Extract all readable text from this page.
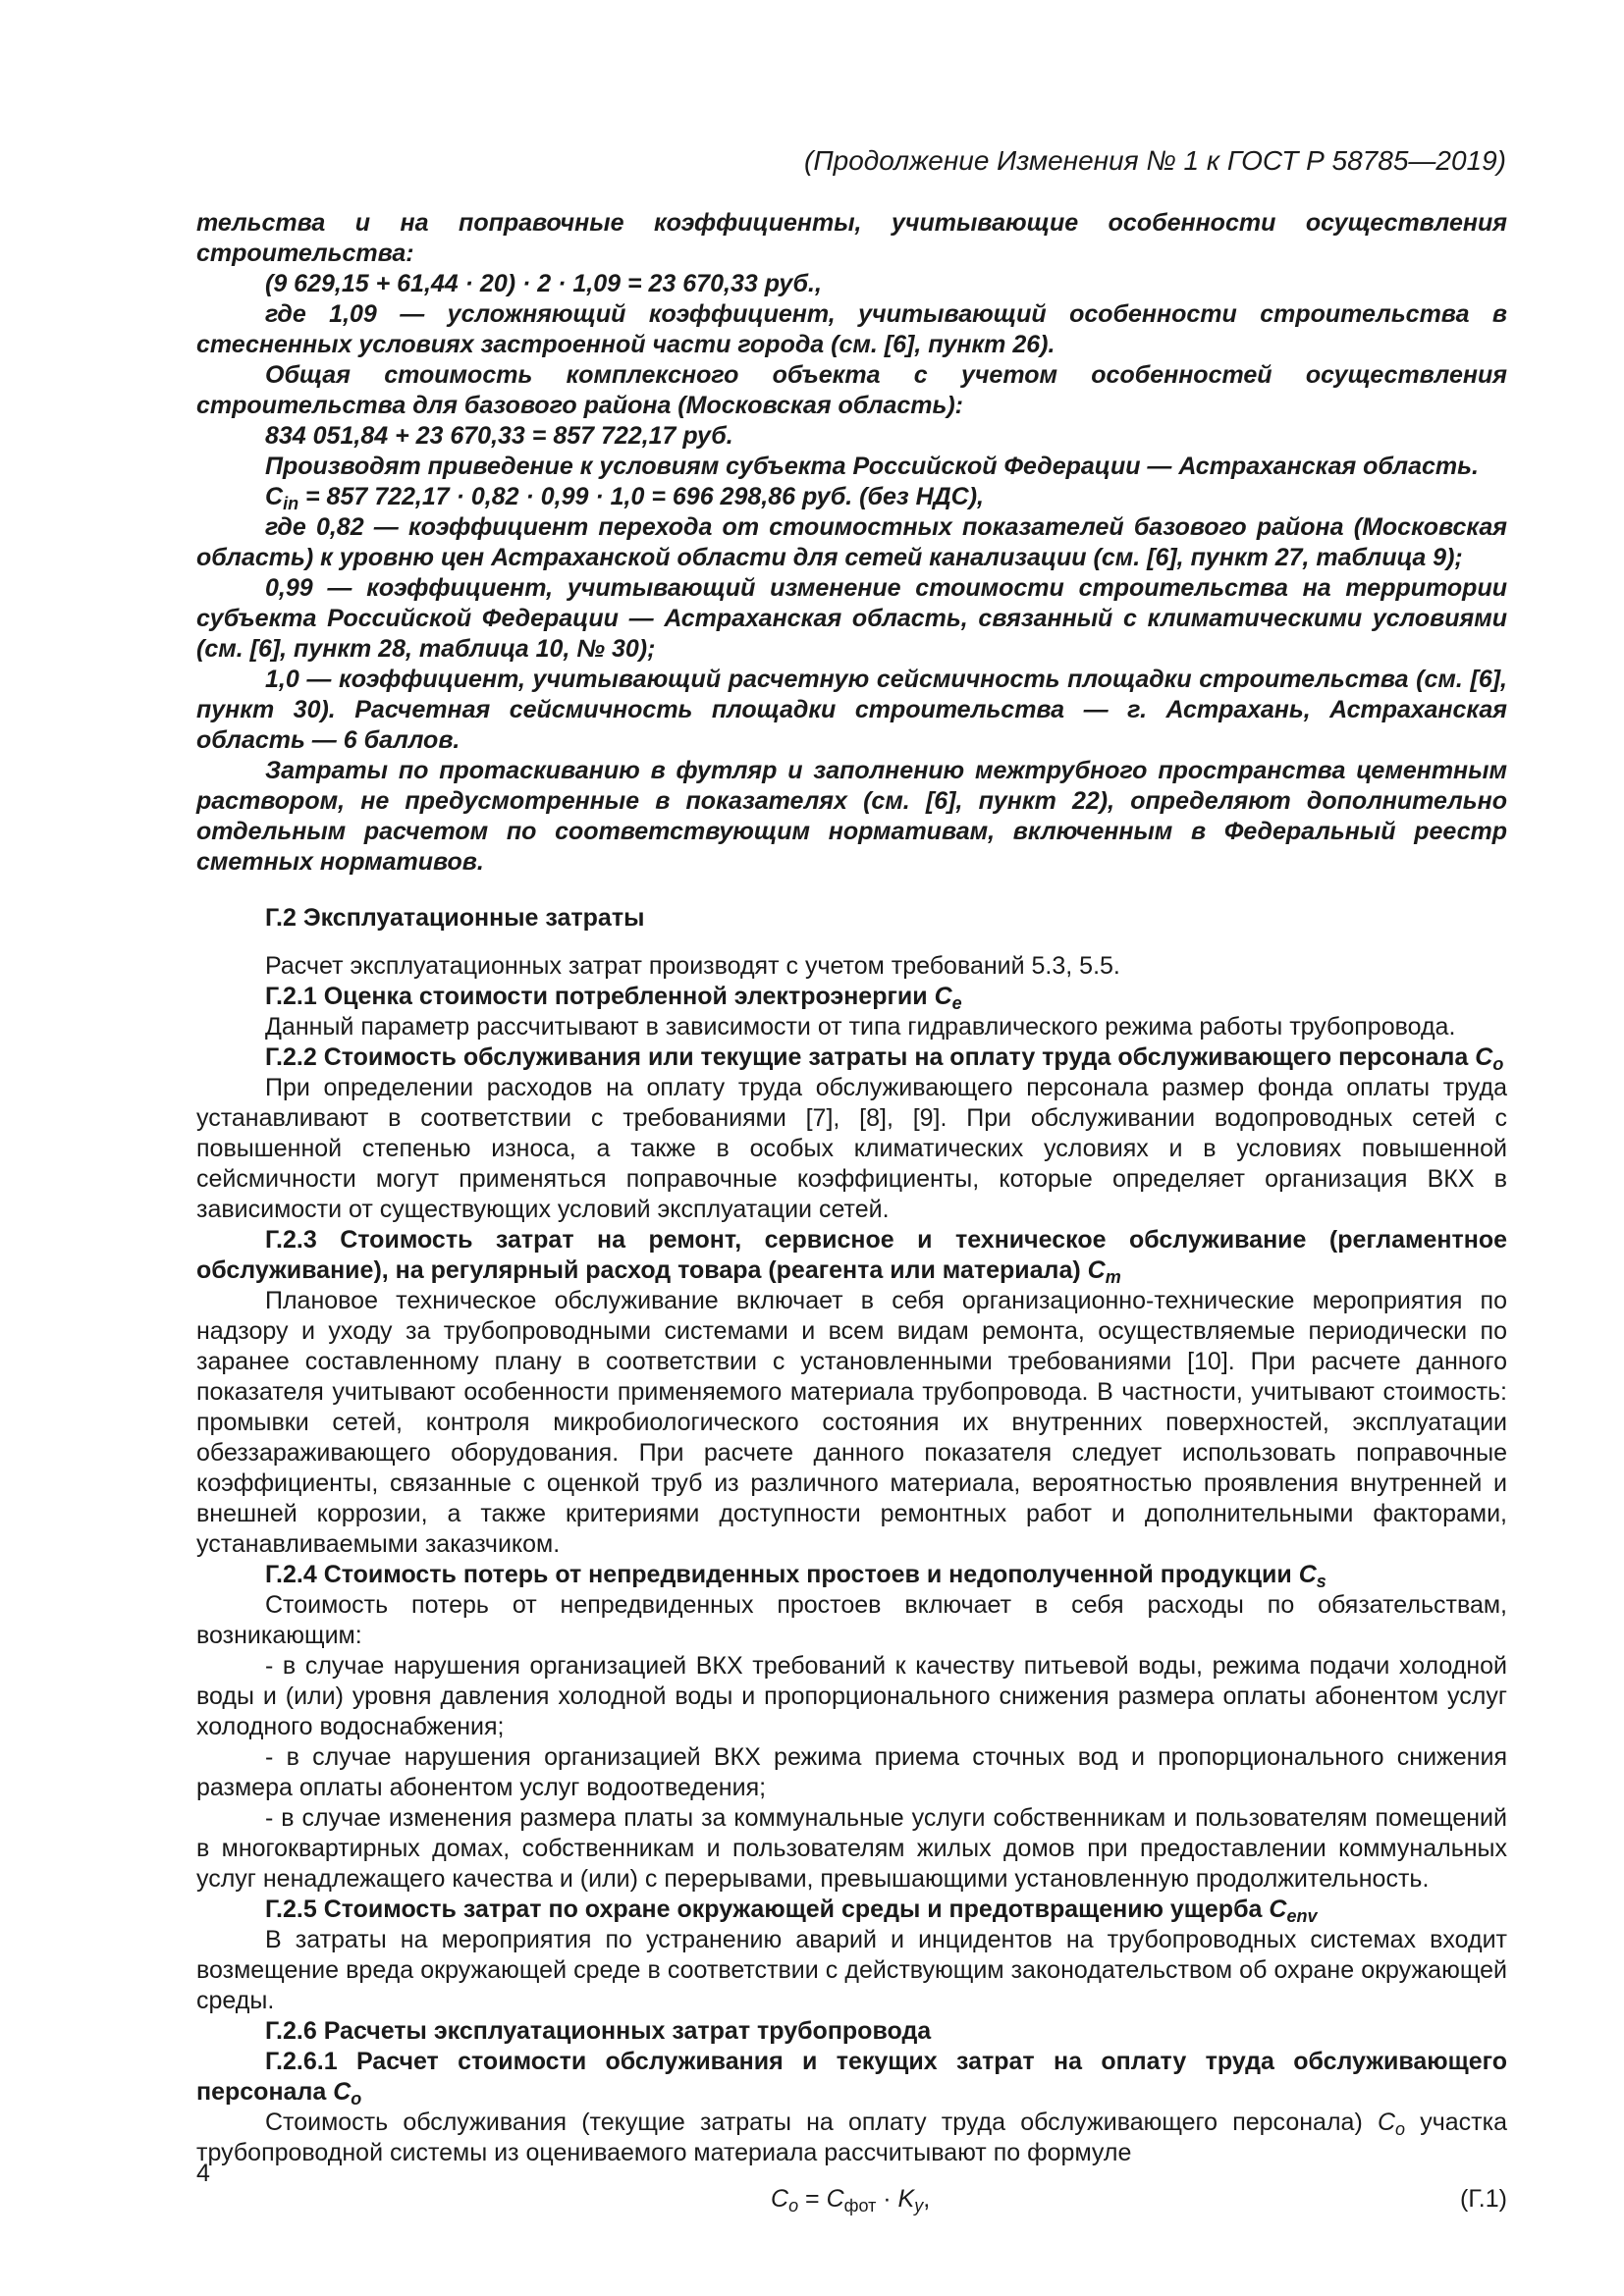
(Продолжение Изменения № 1 к ГОСТ Р 58785—2019)

тельства и на поправочные коэффициенты, учитывающие особенности осуществления строительства:

(9 629,15 + 61,44 · 20) · 2 · 1,09 = 23 670,33 руб.,

где 1,09 — усложняющий коэффициент, учитывающий особенности строительства в стесненных условиях застроенной части города (см. [6], пункт 26).

Общая стоимость комплексного объекта с учетом особенностей осуществления строительства для базового района (Московская область):

834 051,84 + 23 670,33 = 857 722,17 руб.

Производят приведение к условиям субъекта Российской Федерации — Астраханская область.

$C_{in} = 857$ 722,17 · 0,82 · 0,99 · 1,0 = 696 298,86 руб. (без НДС),

где 0,82 — коэффициент перехода от стоимостных показателей базового района (Московская область) к уровню цен Астраханской области для сетей канализации (см. [6], пункт 27, таблица 9);

0,99 — коэффициент, учитывающий изменение стоимости строительства на территории субъекта Российской Федерации — Астраханская область, связанный с климатическими условиями (см. [6], пункт 28, таблица 10, № 30);

1,0 — коэффициент, учитывающий расчетную сейсмичность площадки строительства (см. [6], пункт 30). Расчетная сейсмичность площадки строительства — г. Астрахань, Астраханская область — 6 баллов.

Затраты по протаскиванию в футляр и заполнению межтрубного пространства цементным раствором, не предусмотренные в показателях (см. [6], пункт 22), определяют дополнительно отдельным расчетом по соответствующим нормативам, включенным в Федеральный реестр сметных нормативов.

Г.2 Эксплуатационные затраты

Расчет эксплуатационных затрат производят с учетом требований 5.3, 5.5.

Г.2.1 Оценка стоимости потребленной электроэнергии $C_e$

Данный параметр рассчитывают в зависимости от типа гидравлического режима работы трубопровода.

Г.2.2 Стоимость обслуживания или текущие затраты на оплату труда обслуживающего персонала $C_o$

При определении расходов на оплату труда обслуживающего персонала размер фонда оплаты труда устанавливают в соответствии с требованиями [7], [8], [9]. При обслуживании водопроводных сетей с повышенной степенью износа, а также в особых климатических условиях и в условиях повышенной сейсмичности могут применяться поправочные коэффициенты, которые определяет организация ВКХ в зависимости от существующих условий эксплуатации сетей.

Г.2.3 Стоимость затрат на ремонт, сервисное и техническое обслуживание (регламентное обслуживание), на регулярный расход товара (реагента или материала) $C_m$

Плановое техническое обслуживание включает в себя организационно-технические мероприятия по надзору и уходу за трубопроводными системами и всем видам ремонта, осуществляемые периодически по заранее составленному плану в соответствии с установленными требованиями [10]. При расчете данного показателя учитывают особенности применяемого материала трубопровода. В частности, учитывают стоимость: промывки сетей, контроля микробиологического состояния их внутренних поверхностей, эксплуатации обеззараживающего оборудования. При расчете данного показателя следует использовать поправочные коэффициенты, связанные с оценкой труб из различного материала, вероятностью проявления внутренней и внешней коррозии, а также критериями доступности ремонтных работ и дополнительными факторами, устанавливаемыми заказчиком.

Г.2.4 Стоимость потерь от непредвиденных простоев и недополученной продукции $C_s$

Стоимость потерь от непредвиденных простоев включает в себя расходы по обязательствам, возникающим:

- в случае нарушения организацией ВКХ требований к качеству питьевой воды, режима подачи холодной воды и (или) уровня давления холодной воды и пропорционального снижения размера оплаты абонентом услуг холодного водоснабжения;

- в случае нарушения организацией ВКХ режима приема сточных вод и пропорционального снижения размера оплаты абонентом услуг водоотведения;

- в случае изменения размера платы за коммунальные услуги собственникам и пользователям помещений в многоквартирных домах, собственникам и пользователям жилых домов при предоставлении коммунальных услуг ненадлежащего качества и (или) с перерывами, превышающими установленную продолжительность.

Г.2.5 Стоимость затрат по охране окружающей среды и предотвращению ущерба $C_{env}$

В затраты на мероприятия по устранению аварий и инцидентов на трубопроводных системах входит возмещение вреда окружающей среде в соответствии с действующим законодательством об охране окружающей среды.

Г.2.6 Расчеты эксплуатационных затрат трубопровода

Г.2.6.1 Расчет стоимости обслуживания и текущих затрат на оплату труда обслуживающего персонала $C_o$

Стоимость обслуживания (текущие затраты на оплату труда обслуживающего персонала) $C_o$ участка трубопроводной системы из оцениваемого материала рассчитывают по формуле

$C_o = C_{фот} \cdot K_у$,	(Г.1)
4
